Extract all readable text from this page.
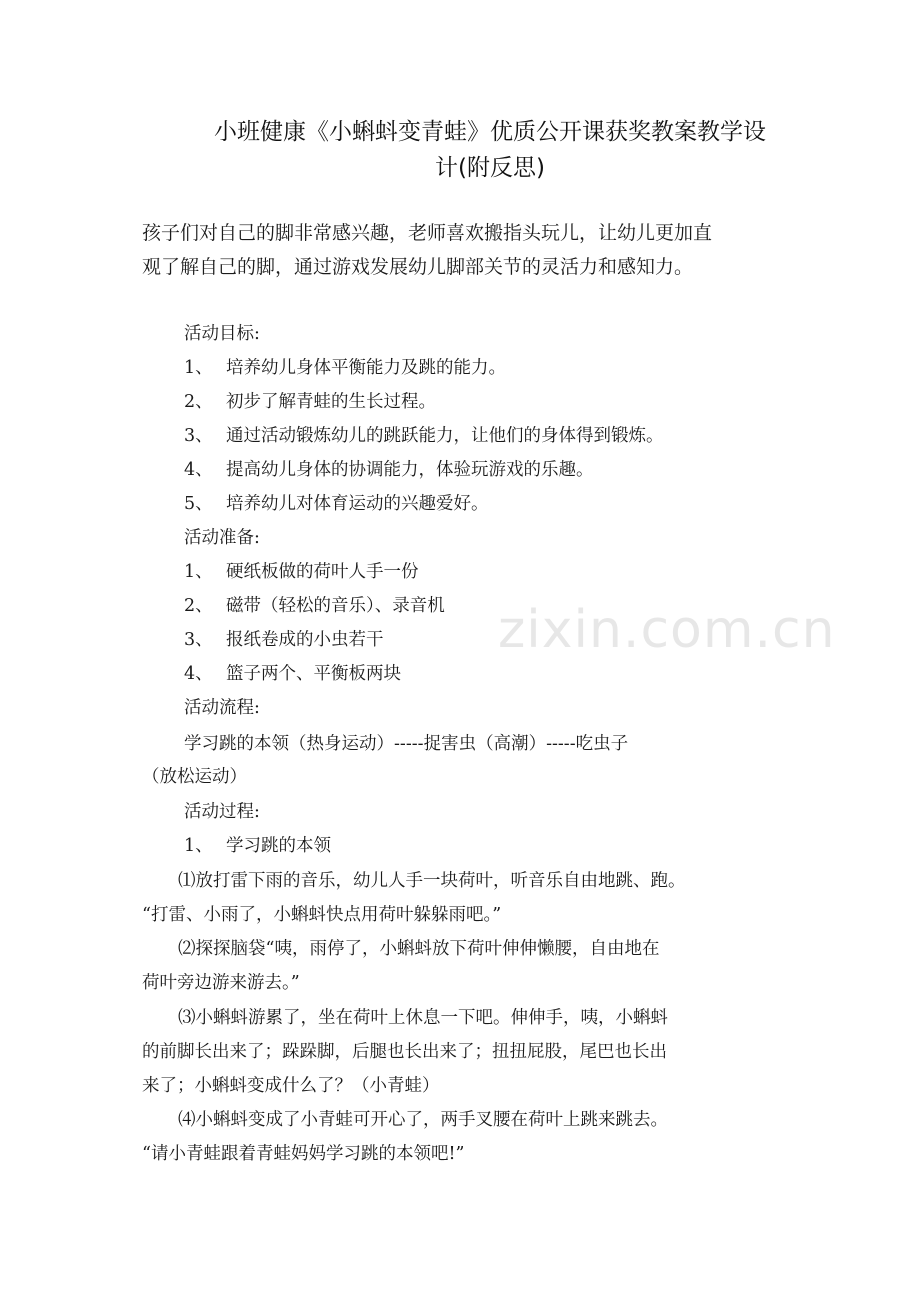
小班健康《小蝌蚪变青蛙》优质公开课获奖教案教学设
计(附反思)
孩子们对自己的脚非常感兴趣，老师喜欢搬指头玩儿，让幼儿更加直
观了解自己的脚，通过游戏发展幼儿脚部关节的灵活力和感知力。
活动目标:
1、 培养幼儿身体平衡能力及跳的能力。
2、 初步了解青蛙的生长过程。
3、 通过活动锻炼幼儿的跳跃能力，让他们的身体得到锻炼。
4、 提高幼儿身体的协调能力，体验玩游戏的乐趣。
5、 培养幼儿对体育运动的兴趣爱好。
活动准备:
1、 硬纸板做的荷叶人手一份
2、 磁带（轻松的音乐）、录音机
3、 报纸卷成的小虫若干
4、 篮子两个、平衡板两块
活动流程:
学习跳的本领（热身运动）-----捉害虫（高潮）-----吃虫子
（放松运动）
活动过程:
1、 学习跳的本领
⑴放打雷下雨的音乐，幼儿人手一块荷叶，听音乐自由地跳、跑。
“打雷、小雨了，小蝌蚪快点用荷叶躲躲雨吧。”
⑵探探脑袋“咦，雨停了，小蝌蚪放下荷叶伸伸懒腰，自由地在
荷叶旁边游来游去。”
⑶小蝌蚪游累了，坐在荷叶上休息一下吧。伸伸手，咦，小蝌蚪
的前脚长出来了；跺跺脚，后腿也长出来了；扭扭屁股，尾巴也长出
来了；小蝌蚪变成什么了？（小青蛙）
⑷小蝌蚪变成了小青蛙可开心了，两手叉腰在荷叶上跳来跳去。
“请小青蛙跟着青蛙妈妈学习跳的本领吧!”
zixin.com.cn
